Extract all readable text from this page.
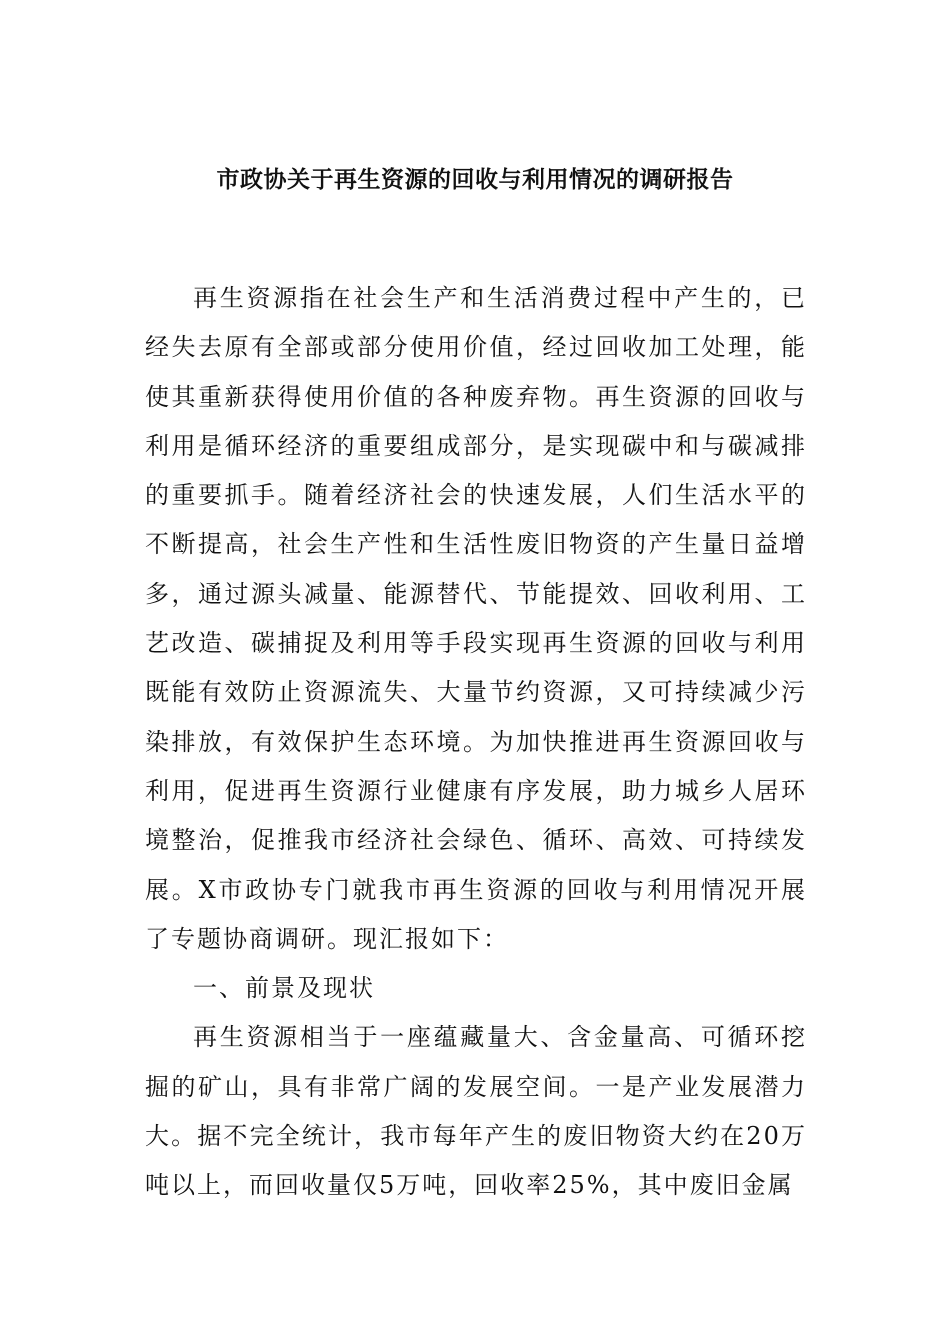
市政协关于再生资源的回收与利用情况的调研报告

再生资源指在社会生产和生活消费过程中产生的，已经失去原有全部或部分使用价值，经过回收加工处理，能使其重新获得使用价值的各种废弃物。再生资源的回收与利用是循环经济的重要组成部分，是实现碳中和与碳减排的重要抓手。随着经济社会的快速发展，人们生活水平的不断提高，社会生产性和生活性废旧物资的产生量日益增多，通过源头减量、能源替代、节能提效、回收利用、工艺改造、碳捕捉及利用等手段实现再生资源的回收与利用既能有效防止资源流失、大量节约资源，又可持续减少污染排放，有效保护生态环境。为加快推进再生资源回收与利用，促进再生资源行业健康有序发展，助力城乡人居环境整治，促推我市经济社会绿色、循环、高效、可持续发展。X市政协专门就我市再生资源的回收与利用情况开展了专题协商调研。现汇报如下：

一、前景及现状

再生资源相当于一座蕴藏量大、含金量高、可循环挖掘的矿山，具有非常广阔的发展空间。一是产业发展潜力大。据不完全统计，我市每年产生的废旧物资大约在20万吨以上，而回收量仅5万吨，回收率25%，其中废旧金属
